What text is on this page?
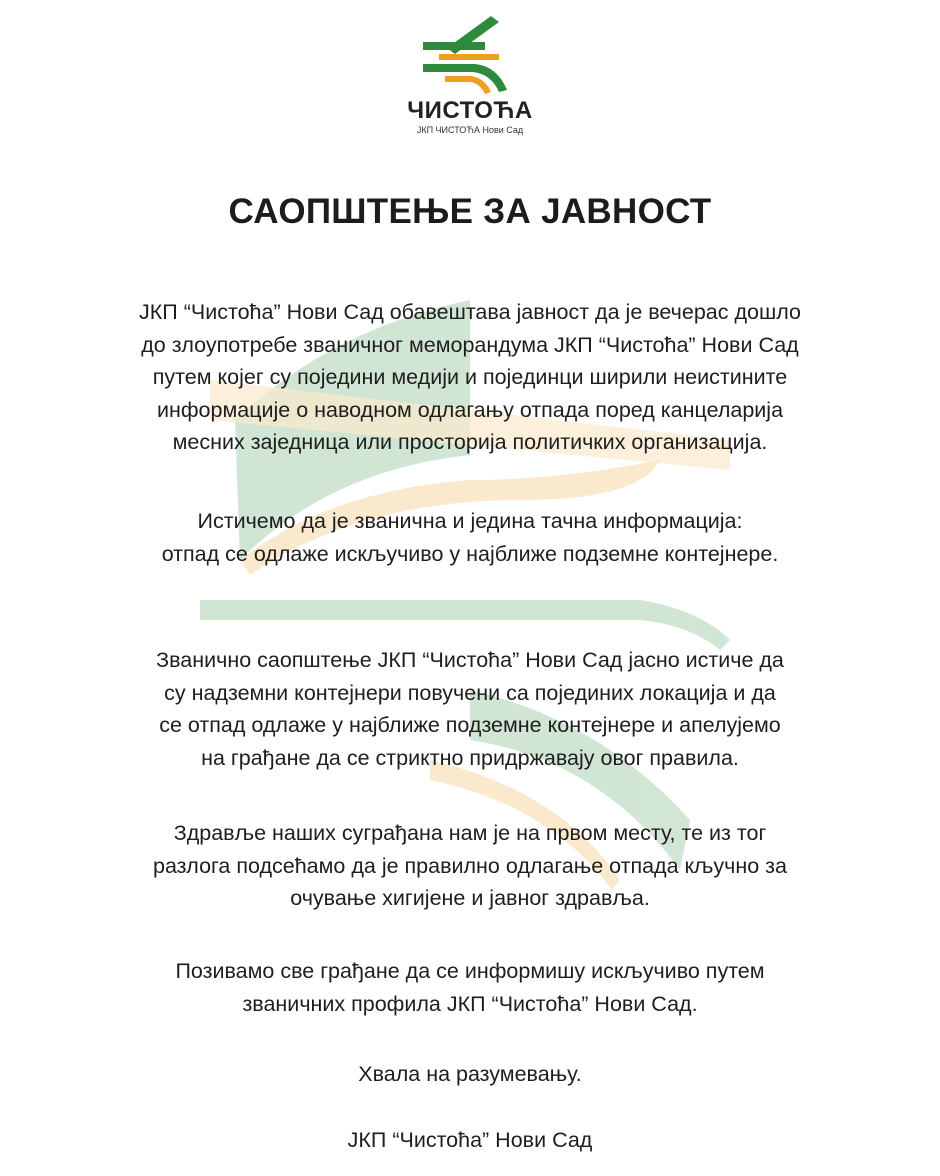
ЧИСТОЋА
ЈКП ЧИСТОЋА Нови Сад
САОПШТЕЊЕ ЗА ЈАВНОСТ

ЈКП “Чистоћа” Нови Сад обавештава јавност да је вечерас дошло
до злоупотребе званичног меморандума ЈКП “Чистоћа” Нови Сад
путем којег су поједини медији и појединци ширили неистините
информације о наводном одлагању отпада поред канцеларија
месних заједница или просторија политичких организација.

Истичемо да је званична и једина тачна информација:
отпад се одлаже искључиво у најближе подземне контејнере.

Званично саопштење ЈКП “Чистоћа” Нови Сад јасно истиче да
су надземни контејнери повучени са појединих локација и да
се отпад одлаже у најближе подземне контејнере и апелујемо
на грађане да се стриктно придржавају овог правила.

Здравље наших суграђана нам је на првом месту, те из тог
разлога подсећамо да је правилно одлагање отпада кључно за
очување хигијене и јавног здравља.

Позивамо све грађане да се информишу искључиво путем
званичних профила ЈКП “Чистоћа” Нови Сад.

Хвала на разумевању.

ЈКП “Чистоћа” Нови Сад
